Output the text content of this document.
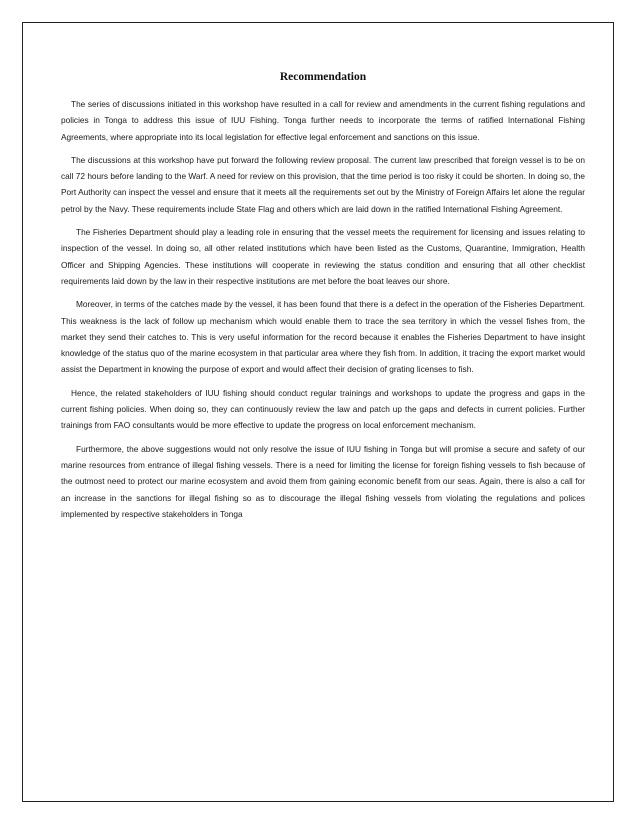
Recommendation

The series of discussions initiated in this workshop have resulted in a call for review and amendments in the current fishing regulations and policies in Tonga to address this issue of IUU Fishing. Tonga further needs to incorporate the terms of ratified International Fishing Agreements, where appropriate into its local legislation for effective legal enforcement and sanctions on this issue.

The discussions at this workshop have put forward the following review proposal. The current law prescribed that foreign vessel is to be on call 72 hours before landing to the Warf. A need for review on this provision, that the time period is too risky it could be shorten. In doing so, the Port Authority can inspect the vessel and ensure that it meets all the requirements set out by the Ministry of Foreign Affairs let alone the regular petrol by the Navy. These requirements include State Flag and others which are laid down in the ratified International Fishing Agreement.

The Fisheries Department should play a leading role in ensuring that the vessel meets the requirement for licensing and issues relating to inspection of the vessel. In doing so, all other related institutions which have been listed as the Customs, Quarantine, Immigration, Health Officer and Shipping Agencies. These institutions will cooperate in reviewing the status condition and ensuring that all other checklist requirements laid down by the law in their respective institutions are met before the boat leaves our shore.

Moreover, in terms of the catches made by the vessel, it has been found that there is a defect in the operation of the Fisheries Department. This weakness is the lack of follow up mechanism which would enable them to trace the sea territory in which the vessel fishes from, the market they send their catches to. This is very useful information for the record because it enables the Fisheries Department to have insight knowledge of the status quo of the marine ecosystem in that particular area where they fish from. In addition, it tracing the export market would assist the Department in knowing the purpose of export and would affect their decision of grating licenses to fish.

Hence, the related stakeholders of IUU fishing should conduct regular trainings and workshops to update the progress and gaps in the current fishing policies. When doing so, they can continuously review the law and patch up the gaps and defects in current policies. Further trainings from FAO consultants would be more effective to update the progress on local enforcement mechanism.

Furthermore, the above suggestions would not only resolve the issue of IUU fishing in Tonga but will promise a secure and safety of our marine resources from entrance of illegal fishing vessels. There is a need for limiting the license for foreign fishing vessels to fish because of the outmost need to protect our marine ecosystem and avoid them from gaining economic benefit from our seas. Again, there is also a call for an increase in the sanctions for illegal fishing so as to discourage the illegal fishing vessels from violating the regulations and polices implemented by respective stakeholders in Tonga
